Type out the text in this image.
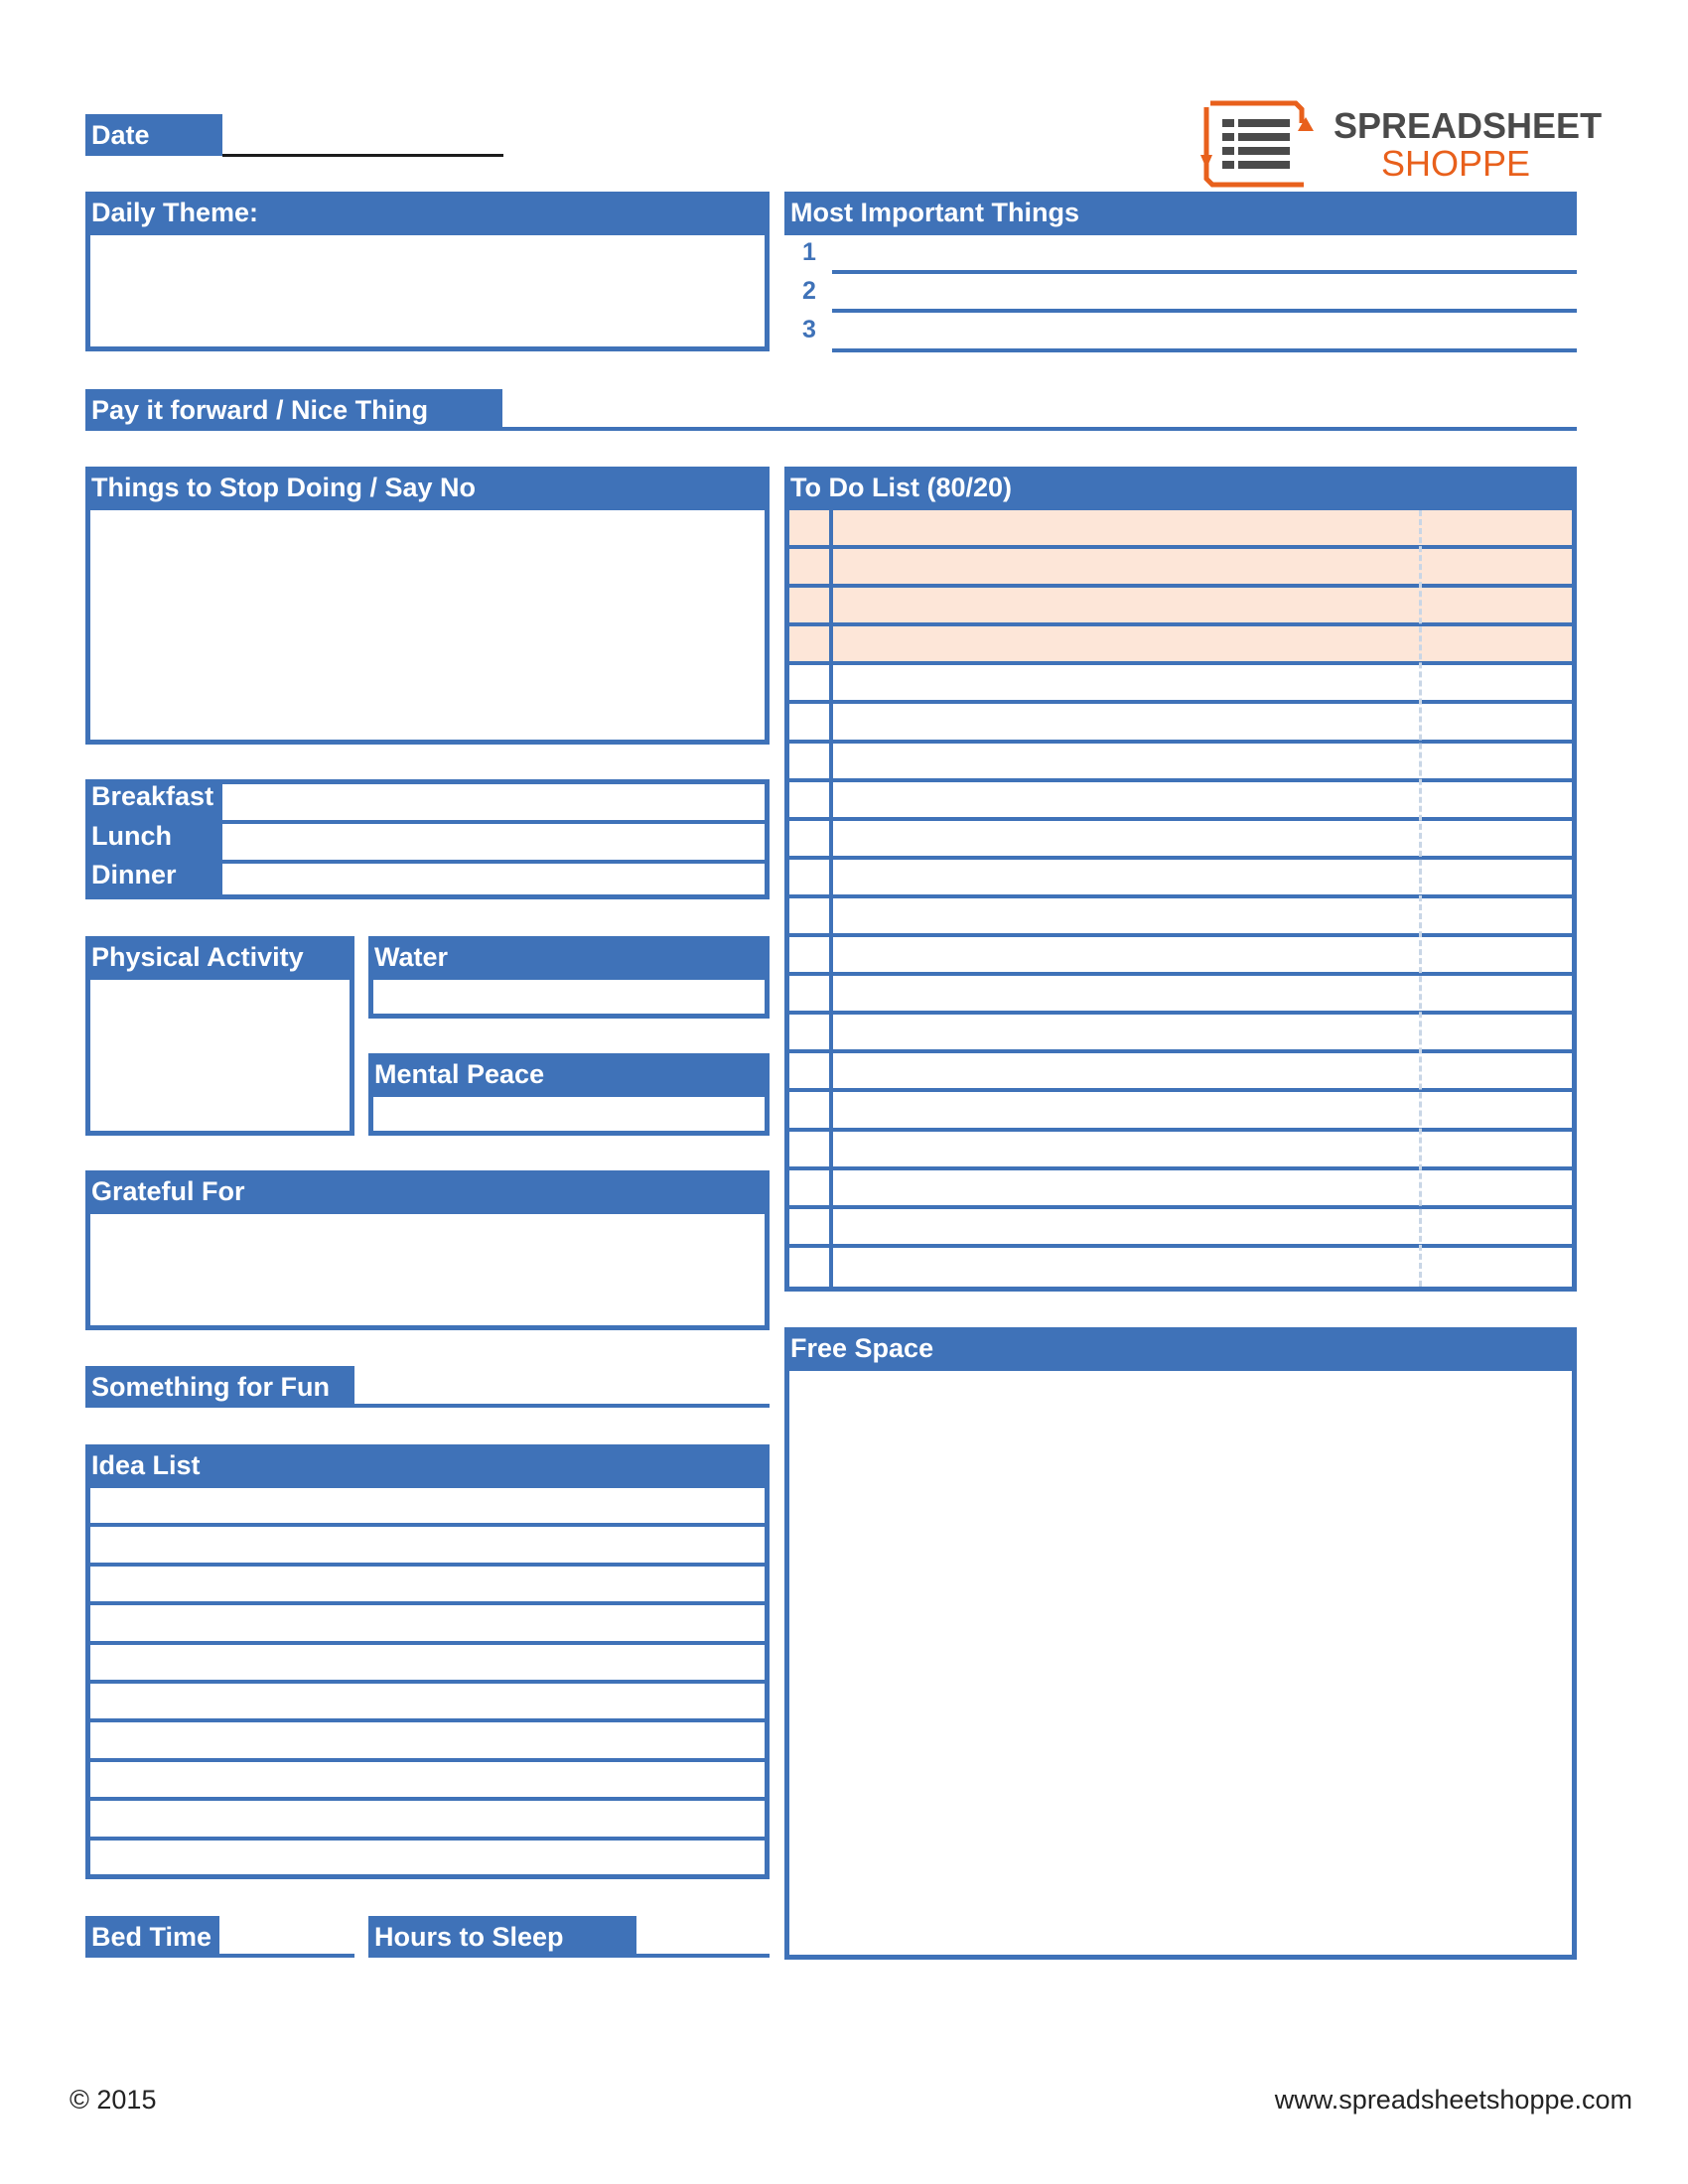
Date	SPREADSHEET
SHOPPE
Daily Theme:	Most Important Things
1
2
3
Pay it forward / Nice Thing
Things to Stop Doing / Say No	To Do List (80/20)
Breakfast
Lunch
Dinner
Physical Activity	Water
Mental Peace
Grateful For
Something for Fun
Idea List
Free Space
Bed Time	Hours to Sleep
© 2015	www.spreadsheetshoppe.com
